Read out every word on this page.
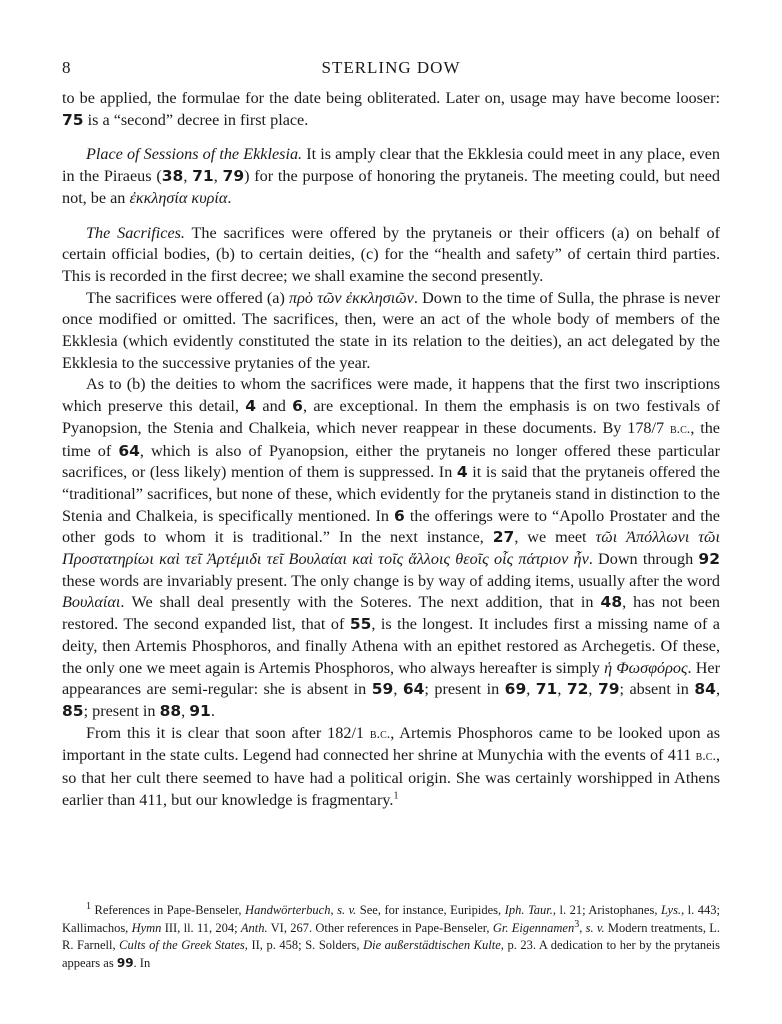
8	STERLING DOW

to be applied, the formulae for the date being obliterated. Later on, usage may have become looser: 75 is a “second” decree in first place.

Place of Sessions of the Ekklesia. It is amply clear that the Ekklesia could meet in any place, even in the Piraeus (38, 71, 79) for the purpose of honoring the prytaneis. The meeting could, but need not, be an ἐκκλησία κυρία.

The Sacrifices. The sacrifices were offered by the prytaneis or their officers (a) on behalf of certain official bodies, (b) to certain deities, (c) for the “health and safety” of certain third parties. This is recorded in the first decree; we shall examine the second presently.

The sacrifices were offered (a) πρὸ τῶν ἐκκλησιῶν. Down to the time of Sulla, the phrase is never once modified or omitted. The sacrifices, then, were an act of the whole body of members of the Ekklesia (which evidently constituted the state in its relation to the deities), an act delegated by the Ekklesia to the successive prytanies of the year.

As to (b) the deities to whom the sacrifices were made, it happens that the first two inscriptions which preserve this detail, 4 and 6, are exceptional. In them the emphasis is on two festivals of Pyanopsion, the Stenia and Chalkeia, which never reappear in these documents. By 178/7 b.c., the time of 64, which is also of Pyanopsion, either the prytaneis no longer offered these particular sacrifices, or (less likely) mention of them is suppressed. In 4 it is said that the prytaneis offered the “traditional” sacrifices, but none of these, which evidently for the prytaneis stand in distinction to the Stenia and Chalkeia, is specifically mentioned. In 6 the offerings were to “Apollo Prostater and the other gods to whom it is traditional.” In the next instance, 27, we meet τῶι Ἀπόλλωνι τῶι Προστατηρίωι καὶ τεῖ Ἀρτέμιδι τεῖ Βουλαίαι καὶ τοῖς ἄλλοις θεοῖς οἷς πάτριον ἦν. Down through 92 these words are invariably present. The only change is by way of adding items, usually after the word Βουλαίαι. We shall deal presently with the Soteres. The next addition, that in 48, has not been restored. The second expanded list, that of 55, is the longest. It includes first a missing name of a deity, then Artemis Phosphoros, and finally Athena with an epithet restored as Archegetis. Of these, the only one we meet again is Artemis Phosphoros, who always hereafter is simply ἡ Φωσφόρος. Her appearances are semi-regular: she is absent in 59, 64; present in 69, 71, 72, 79; absent in 84, 85; present in 88, 91.

From this it is clear that soon after 182/1 b.c., Artemis Phosphoros came to be looked upon as important in the state cults. Legend had connected her shrine at Munychia with the events of 411 b.c., so that her cult there seemed to have had a political origin. She was certainly worshipped in Athens earlier than 411, but our knowledge is fragmentary.$^1$

$^1$ References in Pape-Benseler, Handwörterbuch, s. v. See, for instance, Euripides, Iph. Taur., l. 21; Aristophanes, Lys., l. 443; Kallimachos, Hymn III, ll. 11, 204; Anth. VI, 267. Other references in Pape-Benseler, Gr. Eigennamen$^3$, s. v. Modern treatments, L. R. Farnell, Cults of the Greek States, II, p. 458; S. Solders, Die außerstädtischen Kulte, p. 23. A dedication to her by the prytaneis appears as 99. In
